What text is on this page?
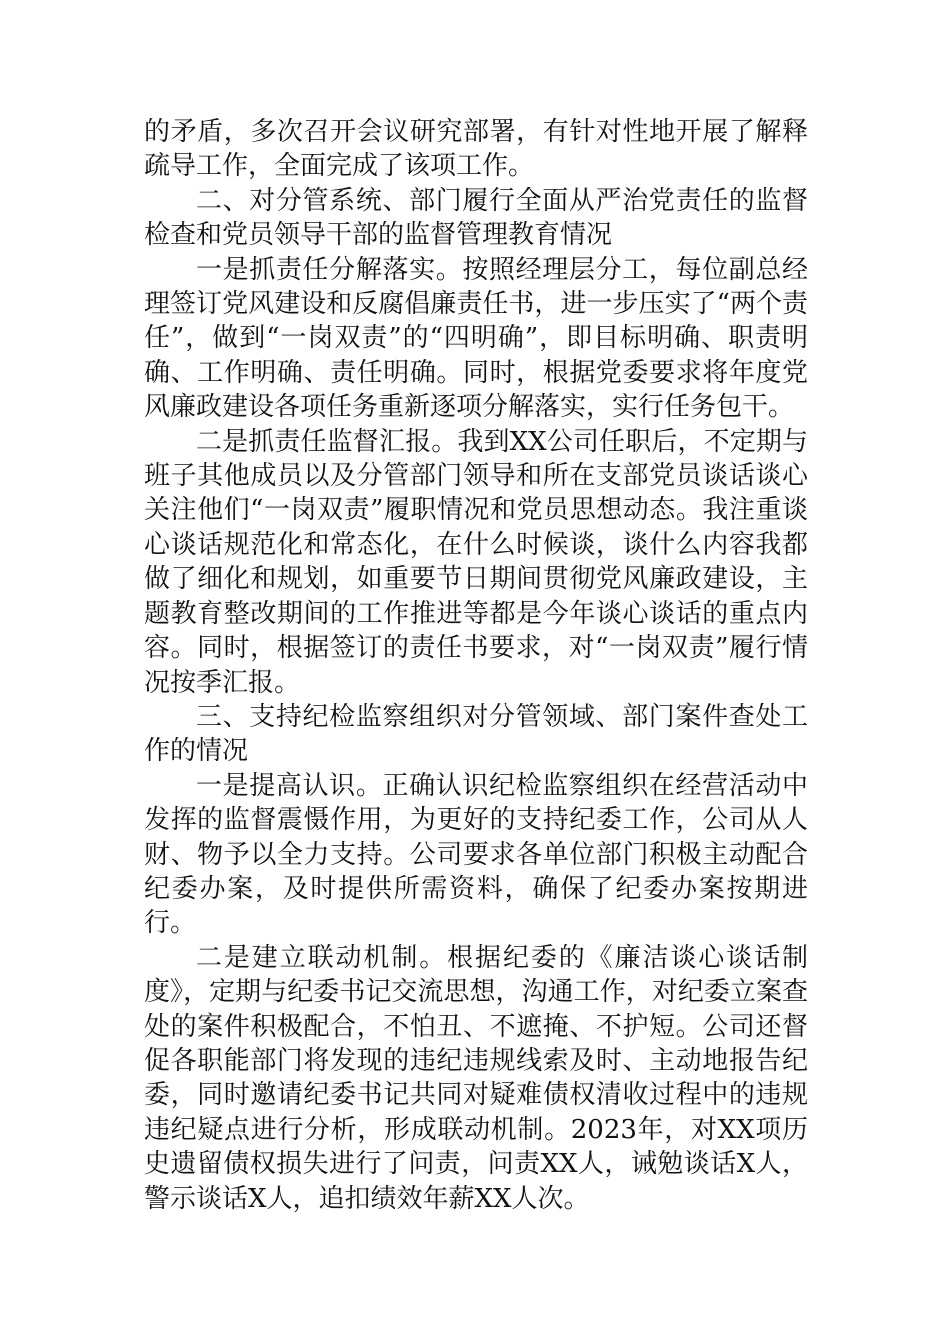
的矛盾，多次召开会议研究部署，有针对性地开展了解释疏导工作，全面完成了该项工作。

二、对分管系统、部门履行全面从严治党责任的监督检查和党员领导干部的监督管理教育情况

一是抓责任分解落实。按照经理层分工，每位副总经理签订党风建设和反腐倡廉责任书，进一步压实了“两个责任”，做到“一岗双责”的“四明确”，即目标明确、职责明确、工作明确、责任明确。同时，根据党委要求将年度党风廉政建设各项任务重新逐项分解落实，实行任务包干。

二是抓责任监督汇报。我到XX公司任职后，不定期与班子其他成员以及分管部门领导和所在支部党员谈话谈心关注他们“一岗双责”履职情况和党员思想动态。我注重谈心谈话规范化和常态化，在什么时候谈，谈什么内容我都做了细化和规划，如重要节日期间贯彻党风廉政建设，主题教育整改期间的工作推进等都是今年谈心谈话的重点内容。同时，根据签订的责任书要求，对“一岗双责”履行情况按季汇报。

三、支持纪检监察组织对分管领域、部门案件查处工作的情况

一是提高认识。正确认识纪检监察组织在经营活动中发挥的监督震慑作用，为更好的支持纪委工作，公司从人财、物予以全力支持。公司要求各单位部门积极主动配合纪委办案，及时提供所需资料，确保了纪委办案按期进行。

二是建立联动机制。根据纪委的《廉洁谈心谈话制度》，定期与纪委书记交流思想，沟通工作，对纪委立案查处的案件积极配合，不怕丑、不遮掩、不护短。公司还督促各职能部门将发现的违纪违规线索及时、主动地报告纪委，同时邀请纪委书记共同对疑难债权清收过程中的违规违纪疑点进行分析，形成联动机制。2023年，对XX项历史遗留债权损失进行了问责，问责XX人，诫勉谈话X人，警示谈话X人，追扣绩效年薪XX人次。
